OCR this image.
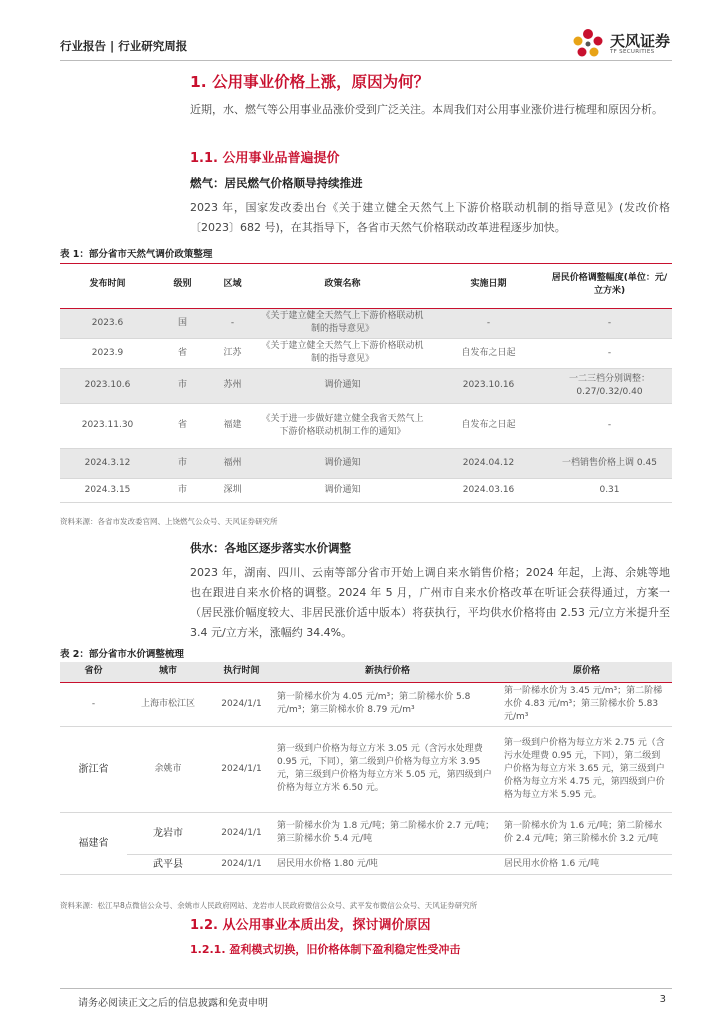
行业报告 | 行业研究周报	天风证券
TF SECURITIES
1. 公用事业价格上涨，原因为何？
近期，水、燃气等公用事业品涨价受到广泛关注。本周我们对公用事业涨价进行梳理和原因分析。
1.1. 公用事业品普遍提价
燃气：居民燃气价格顺导持续推进
2023 年，国家发改委出台《关于建立健全天然气上下游价格联动机制的指导意见》(发改价格〔2023〕682 号)，在其指导下，各省市天然气价格联动改革进程逐步加快。
表 1：部分省市天然气调价政策整理
发布时间	级别	区域	政策名称	实施日期	居民价格调整幅度(单位：元/立方米)
2023.6	国	-	《关于建立健全天然气上下游价格联动机制的指导意见》	-	-
2023.9	省	江苏	《关于建立健全天然气上下游价格联动机制的指导意见》	自发布之日起	-
2023.10.6	市	苏州	调价通知	2023.10.16	一二三档分别调整：0.27/0.32/0.40
2023.11.30	省	福建	《关于进一步做好建立健全我省天然气上下游价格联动机制工作的通知》	自发布之日起	-
2024.3.12	市	福州	调价通知	2024.04.12	一档销售价格上调 0.45
2024.3.15	市	深圳	调价通知	2024.03.16	0.31
资料来源：各省市发改委官网、上饶燃气公众号、天风证券研究所
供水：各地区逐步落实水价调整
2023 年，湖南、四川、云南等部分省市开始上调自来水销售价格；2024 年起，上海、余姚等地也在跟进自来水价格的调整。2024 年 5 月，广州市自来水价格改革在听证会获得通过，方案一（居民涨价幅度较大、非居民涨价适中版本）将获执行，平均供水价格将由 2.53 元/立方米提升至 3.4 元/立方米，涨幅约 34.4%。
表 2：部分省市水价调整梳理
省份	城市	执行时间	新执行价格	原价格
-	上海市松江区	2024/1/1	第一阶梯水价为 4.05 元/m³；第二阶梯水价 5.8 元/m³；第三阶梯水价 8.79 元/m³	第一阶梯水价为 3.45 元/m³；第二阶梯水价 4.83 元/m³；第三阶梯水价 5.83 元/m³
浙江省	余姚市	2024/1/1	第一级到户价格为每立方米 3.05 元（含污水处理费 0.95 元，下同），第二级到户价格为每立方米 3.95 元，第三级到户价格为每立方米 5.05 元，第四级到户价格为每立方米 6.50 元。	第一级到户价格为每立方米 2.75 元（含污水处理费 0.95 元，下同），第二级到户价格为每立方米 3.65 元，第三级到户价格为每立方米 4.75 元，第四级到户价格为每立方米 5.95 元。
福建省	龙岩市	2024/1/1	第一阶梯水价为 1.8 元/吨；第二阶梯水价 2.7 元/吨；第三阶梯水价 5.4 元/吨	第一阶梯水价为 1.6 元/吨；第二阶梯水价 2.4 元/吨；第三阶梯水价 3.2 元/吨
	武平县	2024/1/1	居民用水价格 1.80 元/吨	居民用水价格 1.6 元/吨
资料来源：松江早8点微信公众号、余姚市人民政府网站、龙岩市人民政府微信公众号、武平发布微信公众号、天风证券研究所
1.2. 从公用事业本质出发，探讨调价原因
1.2.1. 盈利模式切换，旧价格体制下盈利稳定性受冲击
请务必阅读正文之后的信息披露和免责申明	3
